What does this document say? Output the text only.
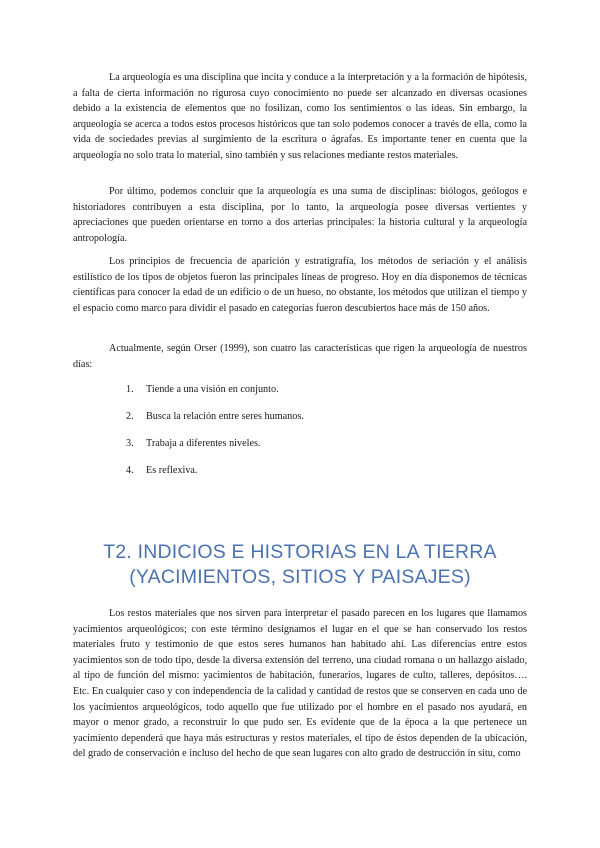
La arqueología es una disciplina que incita y conduce a la interpretación y a la formación de hipótesis, a falta de cierta información no rigurosa cuyo conocimiento no puede ser alcanzado en diversas ocasiones debido a la existencia de elementos que no fosilizan, como los sentimientos o las ideas. Sin embargo, la arqueología se acerca a todos estos procesos históricos que tan solo podemos conocer a través de ella, como la vida de sociedades previas al surgimiento de la escritura o ágrafas. Es importante tener en cuenta que la arqueología no solo trata lo material, sino también y sus relaciones mediante restos materiales.

Por último, podemos concluir que la arqueología es una suma de disciplinas: biólogos, geólogos e historiadores contribuyen a esta disciplina, por lo tanto, la arqueología posee diversas vertientes y apreciaciones que pueden orientarse en torno a dos arterias principales: la historia cultural y la arqueología antropología.

Los principios de frecuencia de aparición y estratigrafía, los métodos de seriación y el análisis estilístico de los tipos de objetos fueron las principales líneas de progreso. Hoy en día disponemos de técnicas científicas para conocer la edad de un edificio o de un hueso, no obstante, los métodos que utilizan el tiempo y el espacio como marco para dividir el pasado en categorías fueron descubiertos hace más de 150 años.

Actualmente, según Orser (1999), son cuatro las características que rigen la arqueología de nuestros días:

1.	Tiende a una visión en conjunto.
2.	Busca la relación entre seres humanos.
3.	Trabaja a diferentes niveles.
4.	Es reflexiva.
T2. INDICIOS E HISTORIAS EN LA TIERRA
(YACIMIENTOS, SITIOS Y PAISAJES)

Los restos materiales que nos sirven para interpretar el pasado parecen en los lugares que llamamos yacimientos arqueológicos; con este término designamos el lugar en el que se han conservado los restos materiales fruto y testimonio de que estos seres humanos han habitado ahí. Las diferencias entre estos yacimientos son de todo tipo, desde la diversa extensión del terreno, una ciudad romana o un hallazgo aislado, al tipo de función del mismo: yacimientos de habitación, funerarios, lugares de culto, talleres, depósitos…. Etc. En cualquier caso y con independencia de la calidad y cantidad de restos que se conserven en cada uno de los yacimientos arqueológicos, todo aquello que fue utilizado por el hombre en el pasado nos ayudará, en mayor o menor grado, a reconstruir lo que pudo ser. Es evidente que de la época a la que pertenece un yacimiento dependerá que haya más estructuras y restos materiales, el tipo de éstos dependen de la ubicación, del grado de conservación e incluso del hecho de que sean lugares con alto grado de destrucción in situ, como
